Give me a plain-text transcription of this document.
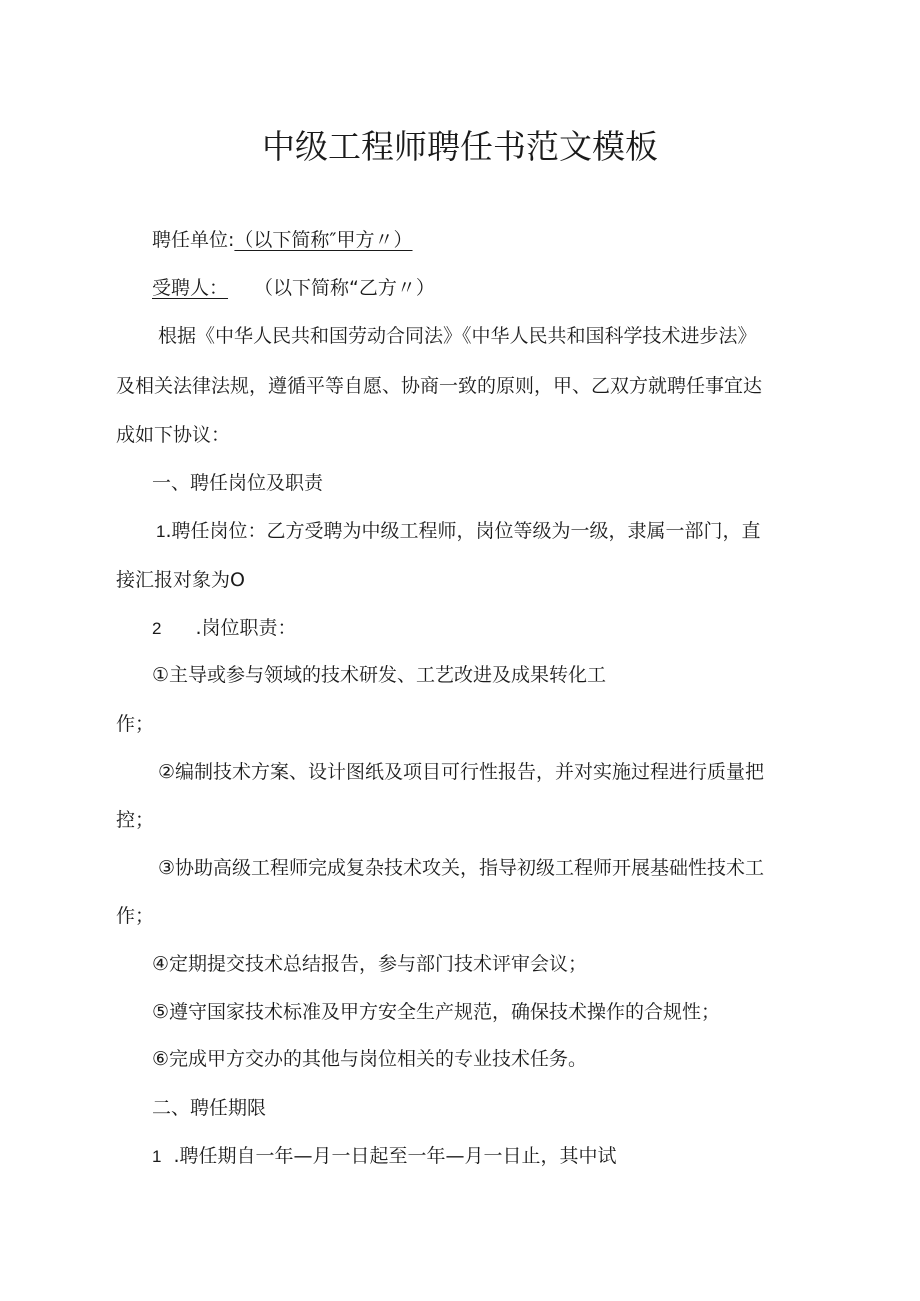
中级工程师聘任书范文模板

聘任单位:（以下简称″甲方〃）

受聘人： （以下简称“乙方〃）

根据《中华人民共和国劳动合同法》《中华人民共和国科学技术进步法》

及相关法律法规，遵循平等自愿、协商一致的原则，甲、乙双方就聘任事宜达

成如下协议：

一、聘任岗位及职责

1.聘任岗位：乙方受聘为中级工程师，岗位等级为一级，隶属一部门，直

接汇报对象为O

2 .岗位职责：

①主导或参与领域的技术研发、工艺改进及成果转化工

作；

②编制技术方案、设计图纸及项目可行性报告，并对实施过程进行质量把

控；

③协助高级工程师完成复杂技术攻关，指导初级工程师开展基础性技术工

作；

④定期提交技术总结报告，参与部门技术评审会议；

⑤遵守国家技术标准及甲方安全生产规范，确保技术操作的合规性；

⑥完成甲方交办的其他与岗位相关的专业技术任务。

二、聘任期限

1 .聘任期自一年—月一日起至一年—月一日止，其中试
